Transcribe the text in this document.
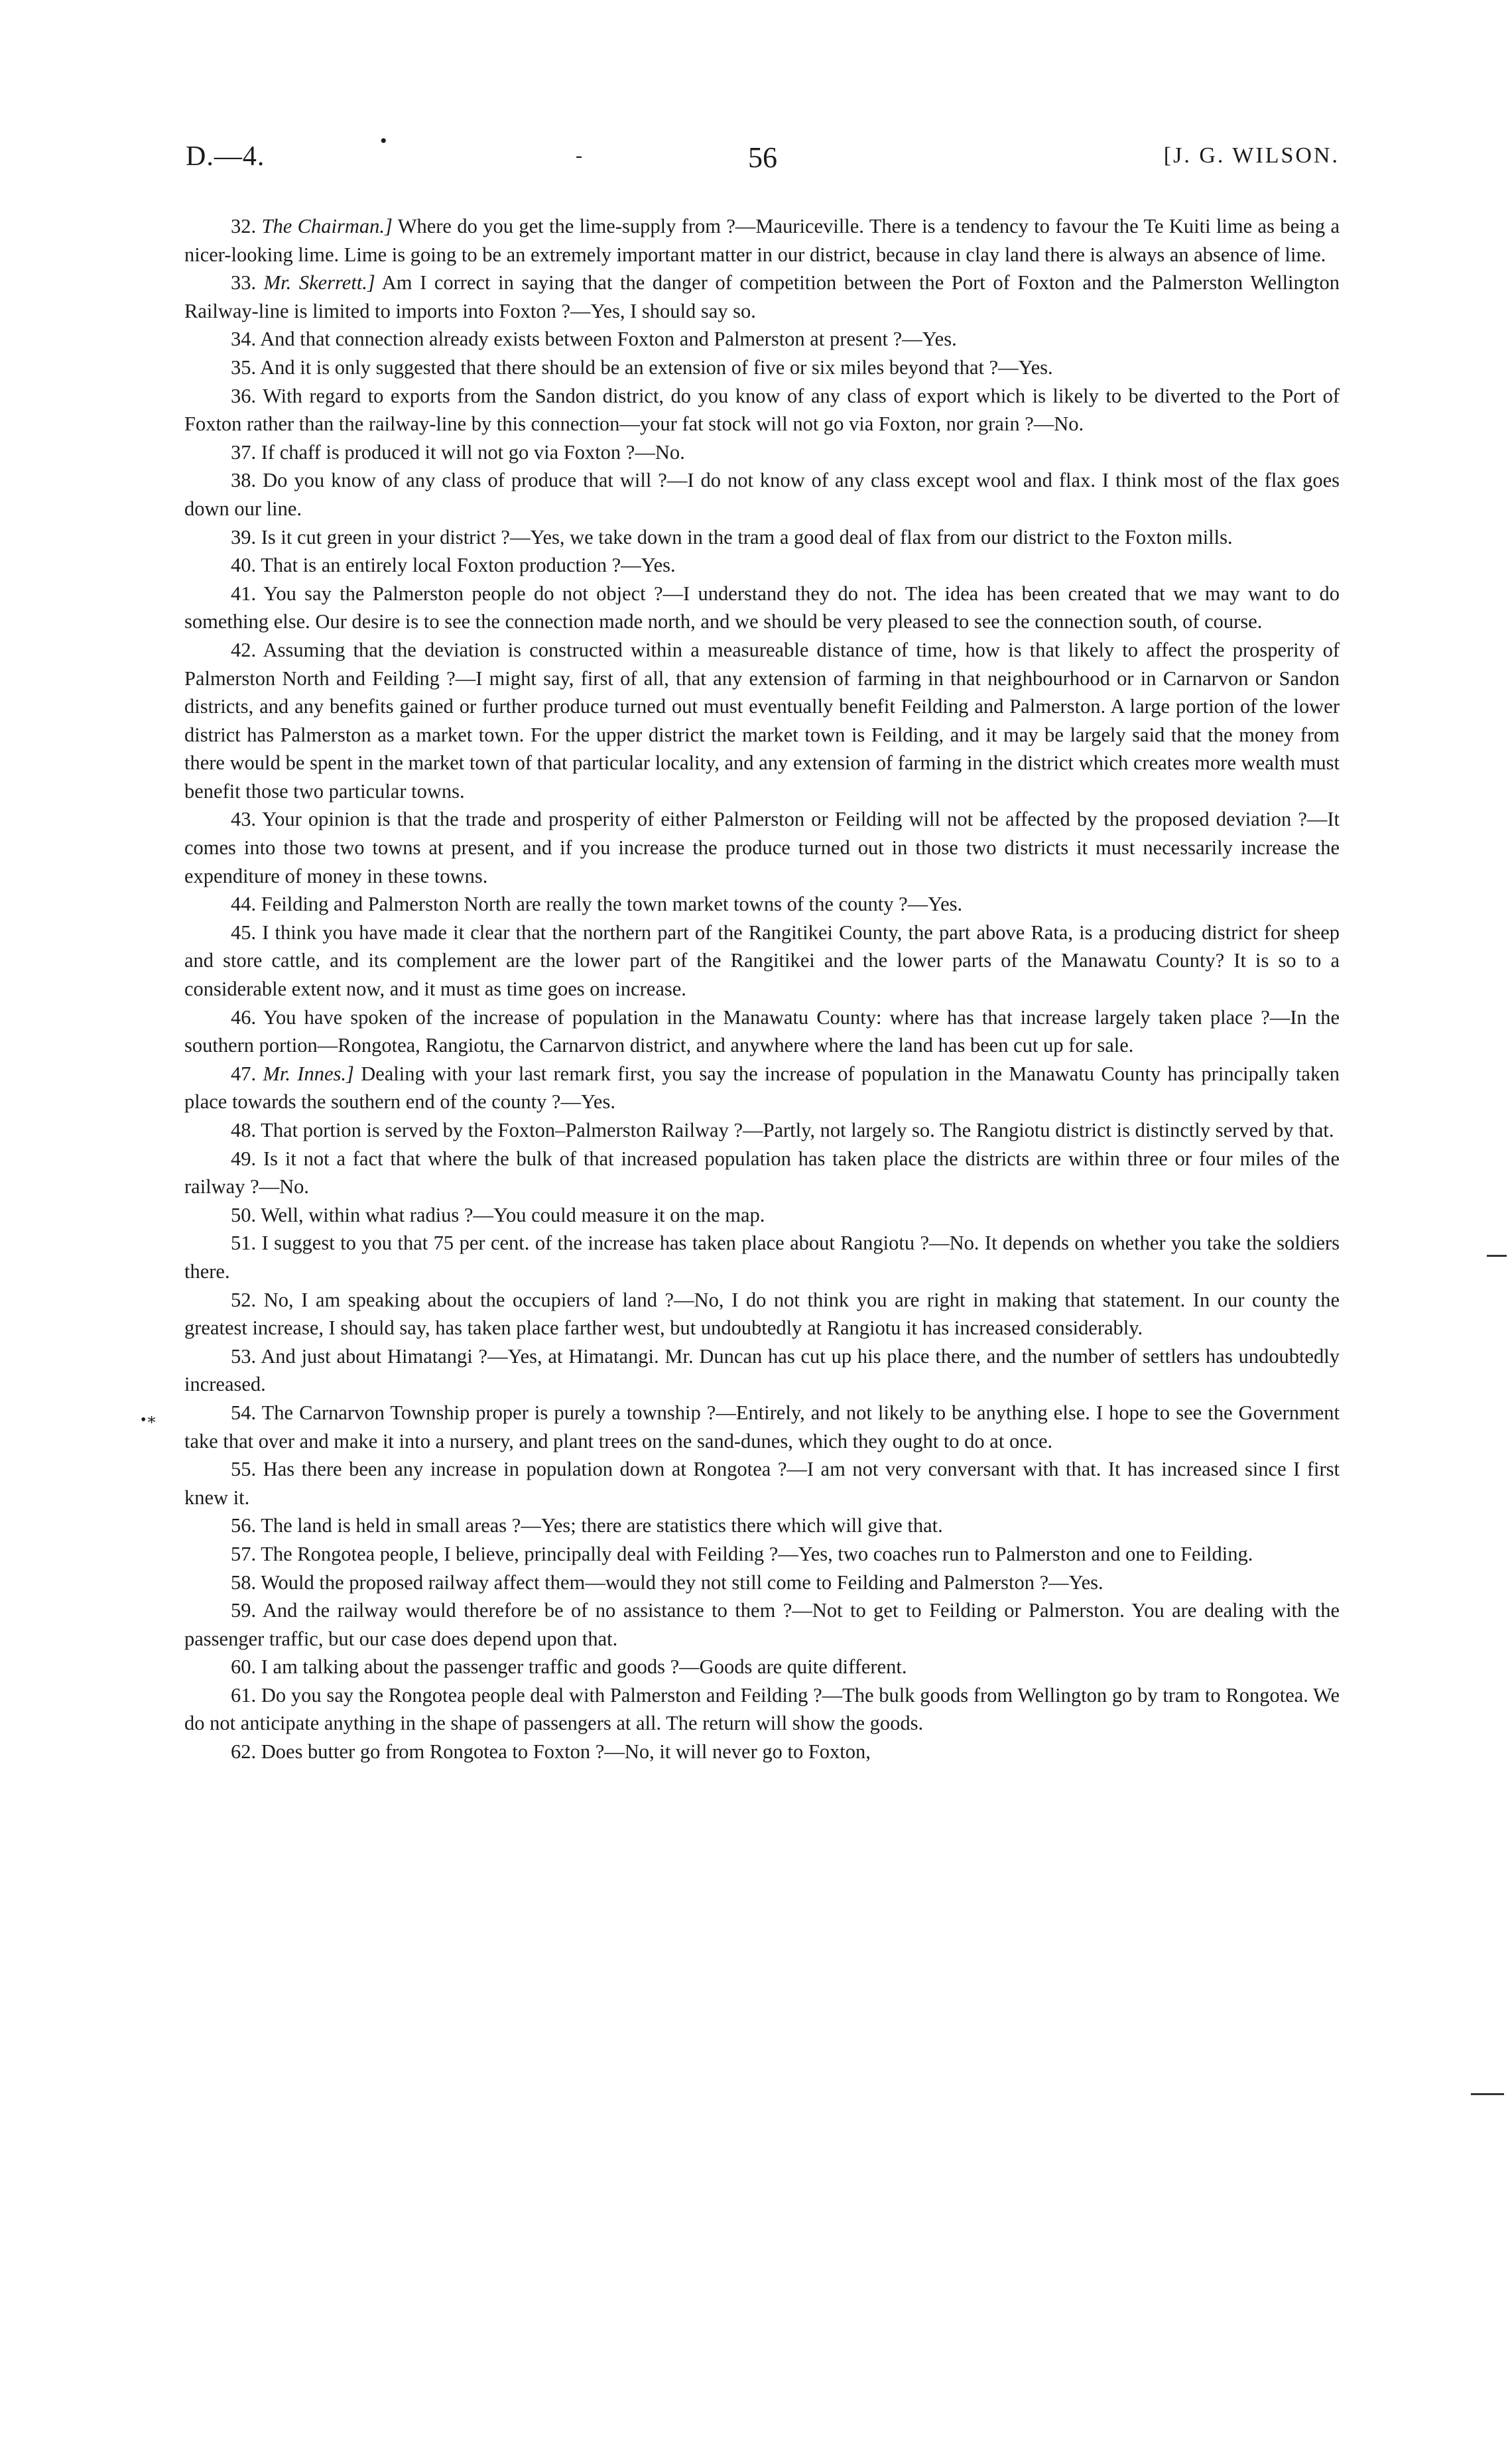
D.—4.	56	[J. G. WILSON.
•
-

32. The Chairman.] Where do you get the lime-supply from ?—Mauriceville. There is a tendency to favour the Te Kuiti lime as being a nicer-looking lime. Lime is going to be an extremely important matter in our district, because in clay land there is always an absence of lime.

33. Mr. Skerrett.] Am I correct in saying that the danger of competition between the Port of Foxton and the Palmerston Wellington Railway-line is limited to imports into Foxton ?—Yes, I should say so.

34. And that connection already exists between Foxton and Palmerston at present ?—Yes.

35. And it is only suggested that there should be an extension of five or six miles beyond that ?—Yes.

36. With regard to exports from the Sandon district, do you know of any class of export which is likely to be diverted to the Port of Foxton rather than the railway-line by this connection—your fat stock will not go via Foxton, nor grain ?—No.

37. If chaff is produced it will not go via Foxton ?—No.

38. Do you know of any class of produce that will ?—I do not know of any class except wool and flax. I think most of the flax goes down our line.

39. Is it cut green in your district ?—Yes, we take down in the tram a good deal of flax from our district to the Foxton mills.

40. That is an entirely local Foxton production ?—Yes.

41. You say the Palmerston people do not object ?—I understand they do not. The idea has been created that we may want to do something else. Our desire is to see the connection made north, and we should be very pleased to see the connection south, of course.

42. Assuming that the deviation is constructed within a measureable distance of time, how is that likely to affect the prosperity of Palmerston North and Feilding ?—I might say, first of all, that any extension of farming in that neighbourhood or in Carnarvon or Sandon districts, and any benefits gained or further produce turned out must eventually benefit Feilding and Palmerston. A large portion of the lower district has Palmerston as a market town. For the upper district the market town is Feilding, and it may be largely said that the money from there would be spent in the market town of that particular locality, and any extension of farming in the district which creates more wealth must benefit those two particular towns.

43. Your opinion is that the trade and prosperity of either Palmerston or Feilding will not be affected by the proposed deviation ?—It comes into those two towns at present, and if you increase the produce turned out in those two districts it must necessarily increase the expenditure of money in these towns.

44. Feilding and Palmerston North are really the town market towns of the county ?—Yes.

45. I think you have made it clear that the northern part of the Rangitikei County, the part above Rata, is a producing district for sheep and store cattle, and its complement are the lower part of the Rangitikei and the lower parts of the Manawatu County? It is so to a considerable extent now, and it must as time goes on increase.

46. You have spoken of the increase of population in the Manawatu County: where has that increase largely taken place ?—In the southern portion—Rongotea, Rangiotu, the Carnarvon district, and anywhere where the land has been cut up for sale.

47. Mr. Innes.] Dealing with your last remark first, you say the increase of population in the Manawatu County has principally taken place towards the southern end of the county ?—Yes.

48. That portion is served by the Foxton–Palmerston Railway ?—Partly, not largely so. The Rangiotu district is distinctly served by that.

49. Is it not a fact that where the bulk of that increased population has taken place the districts are within three or four miles of the railway ?—No.

50. Well, within what radius ?—You could measure it on the map.

51. I suggest to you that 75 per cent. of the increase has taken place about Rangiotu ?—No. It depends on whether you take the soldiers there.

52. No, I am speaking about the occupiers of land ?—No, I do not think you are right in making that statement. In our county the greatest increase, I should say, has taken place farther west, but undoubtedly at Rangiotu it has increased considerably.

53. And just about Himatangi ?—Yes, at Himatangi. Mr. Duncan has cut up his place there, and the number of settlers has undoubtedly increased.

54. The Carnarvon Township proper is purely a township ?—Entirely, and not likely to be anything else. I hope to see the Government take that over and make it into a nursery, and plant trees on the sand-dunes, which they ought to do at once.

55. Has there been any increase in population down at Rongotea ?—I am not very conversant with that. It has increased since I first knew it.

56. The land is held in small areas ?—Yes; there are statistics there which will give that.

57. The Rongotea people, I believe, principally deal with Feilding ?—Yes, two coaches run to Palmerston and one to Feilding.

58. Would the proposed railway affect them—would they not still come to Feilding and Palmerston ?—Yes.

59. And the railway would therefore be of no assistance to them ?—Not to get to Feilding or Palmerston. You are dealing with the passenger traffic, but our case does depend upon that.

60. I am talking about the passenger traffic and goods ?—Goods are quite different.

61. Do you say the Rongotea people deal with Palmerston and Feilding ?—The bulk goods from Wellington go by tram to Rongotea. We do not anticipate anything in the shape of passengers at all. The return will show the goods.

62. Does butter go from Rongotea to Foxton ?—No, it will never go to Foxton,

•∗
